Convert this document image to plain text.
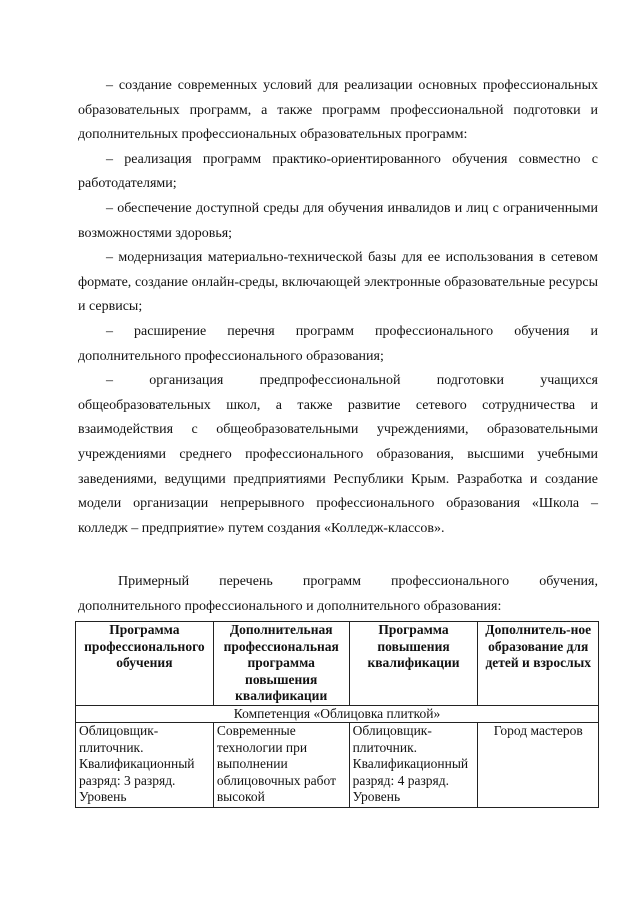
– создание современных условий для реализации основных профессиональных образовательных программ, а также программ профессиональной подготовки и дополнительных профессиональных образовательных программ:

– реализация программ практико-ориентированного обучения совместно с работодателями;

– обеспечение доступной среды для обучения инвалидов и лиц с ограниченными возможностями здоровья;

– модернизация материально-технической базы для ее использования в сетевом формате, создание онлайн-среды, включающей электронные образовательные ресурсы и сервисы;

– расширение перечня программ профессионального обучения и дополнительного профессионального образования;

– организация предпрофессиональной подготовки учащихся общеобразовательных школ, а также развитие сетевого сотрудничества и взаимодействия с общеобразовательными учреждениями, образовательными учреждениями среднего профессионального образования, высшими учебными заведениями, ведущими предприятиями Республики Крым. Разработка и создание модели организации непрерывного профессионального образования «Школа – колледж – предприятие» путем создания «Колледж-классов».

Примерный перечень программ профессионального обучения, дополнительного профессионального и дополнительного образования:

Программа профессионального обучения	Дополнительная профессиональная программа повышения квалификации	Программа повышения квалификации	Дополнитель-ное образование для детей и взрослых
Компетенция «Облицовка плиткой»			
Облицовщик-плиточник. Квалификационный разряд: 3 разряд. Уровень	Современные технологии при выполнении облицовочных работ высокой	Облицовщик-плиточник. Квалификационный разряд: 4 разряд. Уровень	Город мастеров
